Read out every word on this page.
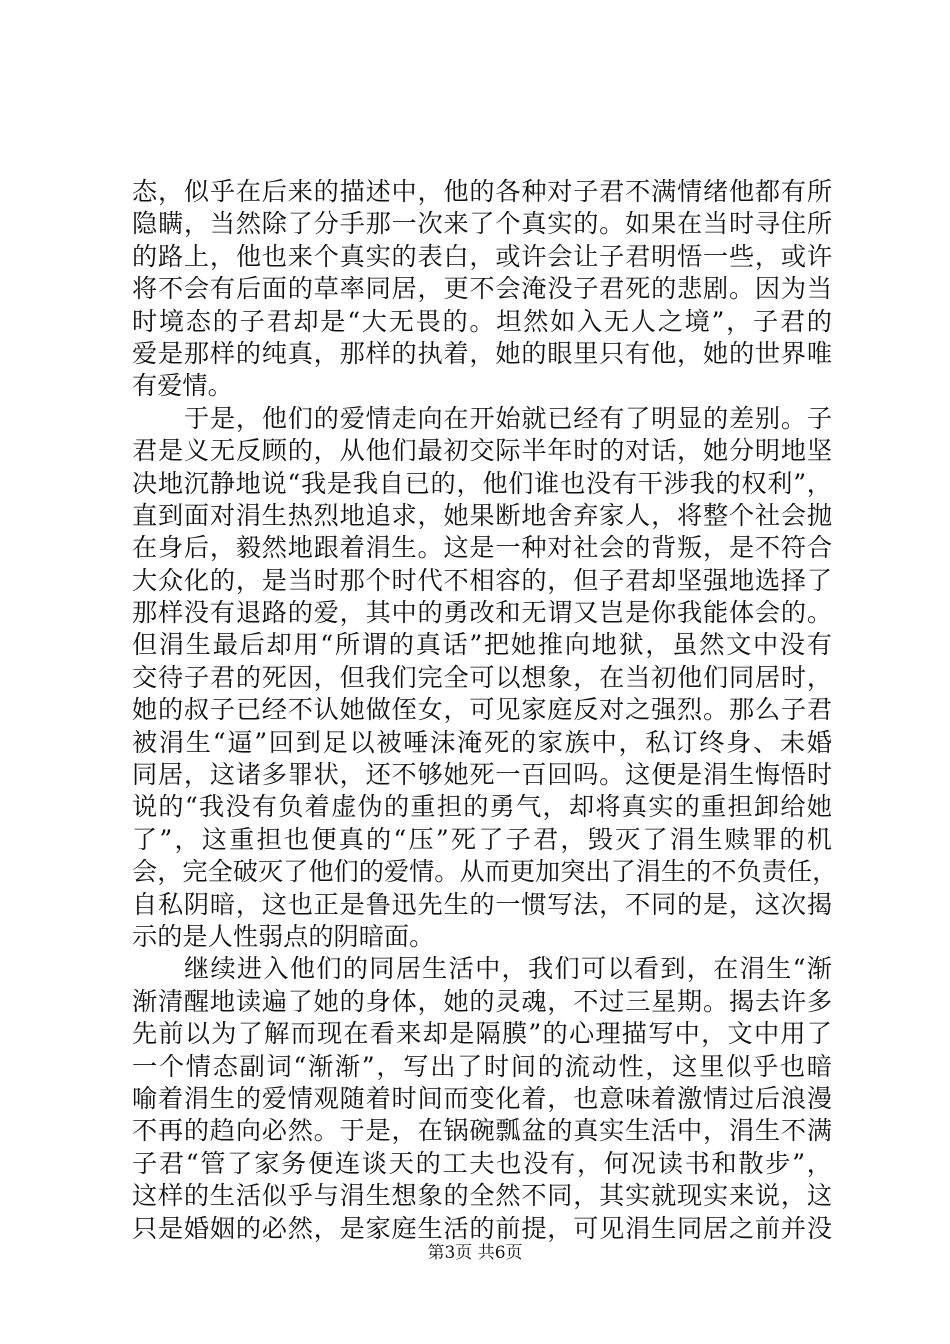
态，似乎在后来的描述中，他的各种对子君不满情绪他都有所
隐瞒，当然除了分手那一次来了个真实的。如果在当时寻住所
的路上，他也来个真实的表白，或许会让子君明悟一些，或许
将不会有后面的草率同居，更不会淹没子君死的悲剧。因为当
时境态的子君却是“大无畏的。坦然如入无人之境”，子君的
爱是那样的纯真，那样的执着，她的眼里只有他，她的世界唯
有爱情。
于是，他们的爱情走向在开始就已经有了明显的差别。子
君是义无反顾的，从他们最初交际半年时的对话，她分明地坚
决地沉静地说“我是我自已的，他们谁也没有干涉我的权利”，
直到面对涓生热烈地追求，她果断地舍弃家人，将整个社会抛
在身后，毅然地跟着涓生。这是一种对社会的背叛，是不符合
大众化的，是当时那个时代不相容的，但子君却坚强地选择了
那样没有退路的爱，其中的勇改和无谓又岂是你我能体会的。
但涓生最后却用“所谓的真话”把她推向地狱，虽然文中没有
交待子君的死因，但我们完全可以想象，在当初他们同居时，
她的叔子已经不认她做侄女，可见家庭反对之强烈。那么子君
被涓生“逼”回到足以被唾沫淹死的家族中，私订终身、未婚
同居，这诸多罪状，还不够她死一百回吗。这便是涓生悔悟时
说的“我没有负着虚伪的重担的勇气，却将真实的重担卸给她
了”，这重担也便真的“压”死了子君，毁灭了涓生赎罪的机
会，完全破灭了他们的爱情。从而更加突出了涓生的不负责任，
自私阴暗，这也正是鲁迅先生的一惯写法，不同的是，这次揭
示的是人性弱点的阴暗面。
继续进入他们的同居生活中，我们可以看到，在涓生“渐
渐清醒地读遍了她的身体，她的灵魂，不过三星期。揭去许多
先前以为了解而现在看来却是隔膜”的心理描写中，文中用了
一个情态副词“渐渐”，写出了时间的流动性，这里似乎也暗
喻着涓生的爱情观随着时间而变化着，也意味着激情过后浪漫
不再的趋向必然。于是，在锅碗瓢盆的真实生活中，涓生不满
子君“管了家务便连谈天的工夫也没有，何况读书和散步”，
这样的生活似乎与涓生想象的全然不同，其实就现实来说，这
只是婚姻的必然，是家庭生活的前提，可见涓生同居之前并没
第3页 共6页
